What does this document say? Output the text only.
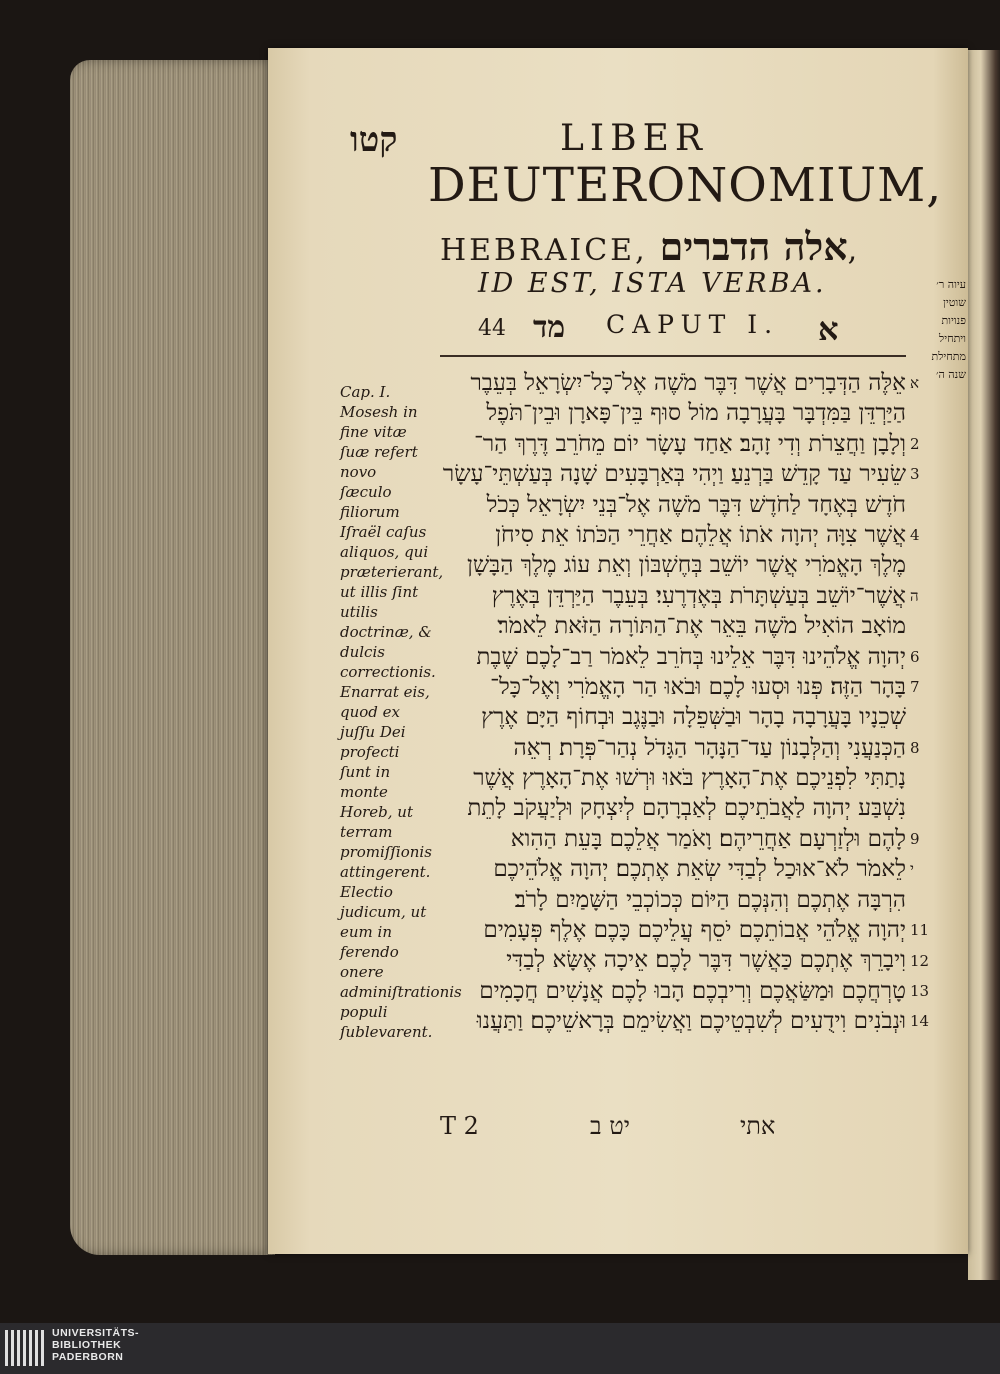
קטו	LIBER
DEUTERONOMIUM,
HEBRAICE, אלה הדברים,
ID EST, ISTA VERBA.
44 מד CAPUT I. א
עיוה ר׳
שוטין
פנויות
ויתחיל
מתחילת
שנה ה׳
Cap. I. Mosesh in fine vitæ ſuæ refert novo ſæculo filiorum Iſraël caſus aliquos, qui præterierant, ut illis ſint utilis doctrinæ, & dulcis correctionis.
Enarrat eis, quod ex juſſu Dei profecti ſunt in monte Horeb, ut terram promiſſionis attingerent.
Electio judicum, ut eum in ferendo onere adminiſtrationis populi ſublevarent.
אֵלֶּה הַדְּבָרִים אֲשֶׁר דִּבֶּר מֹשֶׁה אֶל־כָּל־יִשְׂרָאֵל בְּעֵבֶר
הַיַּרְדֵּן בַּמִּדְבָּר בָּעֲרָבָה מוֹל סוּף בֵּין־פָּארָן וּבֵין־תֹּפֶל
וְלָבָן וַחֲצֵרֹת וְדִי זָהָב׃ אַחַד עָשָׂר יוֹם מֵחֹרֵב דֶּרֶךְ הַר־
שֵׂעִיר עַד קָדֵשׁ בַּרְנֵעַ׃ וַיְהִי בְּאַרְבָּעִים שָׁנָה בְּעַשְׁתֵּי־עָשָׂר
חֹדֶשׁ בְּאֶחָד לַחֹדֶשׁ דִּבֶּר מֹשֶׁה אֶל־בְּנֵי יִשְׂרָאֵל כְּכֹל
אֲשֶׁר צִוָּה יְהוָה אֹתוֹ אֲלֵהֶם׃ אַחֲרֵי הַכֹּתוֹ אֵת סִיחֹן
מֶלֶךְ הָאֱמֹרִי אֲשֶׁר יוֹשֵׁב בְּחֶשְׁבּוֹן וְאֵת עוֹג מֶלֶךְ הַבָּשָׁן
אֲשֶׁר־יוֹשֵׁב בְּעַשְׁתָּרֹת בְּאֶדְרֶעִי׃ בְּעֵבֶר הַיַּרְדֵּן בְּאֶרֶץ
מוֹאָב הוֹאִיל מֹשֶׁה בֵּאֵר אֶת־הַתּוֹרָה הַזֹּאת לֵאמֹר׃
יְהוָה אֱלֹהֵינוּ דִּבֶּר אֵלֵינוּ בְּחֹרֵב לֵאמֹר רַב־לָכֶם שֶׁבֶת
בָּהָר הַזֶּה׃ פְּנוּ וּסְעוּ לָכֶם וּבֹאוּ הַר הָאֱמֹרִי וְאֶל־כָּל־
שְׁכֵנָיו בָּעֲרָבָה בָהָר וּבַשְּׁפֵלָה וּבַנֶּגֶב וּבְחוֹף הַיָּם אֶרֶץ
הַכְּנַעֲנִי וְהַלְּבָנוֹן עַד־הַנָּהָר הַגָּדֹל נְהַר־פְּרָת׃ רְאֵה
נָתַתִּי לִפְנֵיכֶם אֶת־הָאָרֶץ בֹּאוּ וּרְשׁוּ אֶת־הָאָרֶץ אֲשֶׁר
נִשְׁבַּע יְהוָה לַאֲבֹתֵיכֶם לְאַבְרָהָם לְיִצְחָק וּלְיַעֲקֹב לָתֵת
לָהֶם וּלְזַרְעָם אַחֲרֵיהֶם׃ וָאֹמַר אֲלֵכֶם בָּעֵת הַהִוא
לֵאמֹר לֹא־אוּכַל לְבַדִּי שְׂאֵת אֶתְכֶם׃ יְהוָה אֱלֹהֵיכֶם
הִרְבָּה אֶתְכֶם וְהִנְּכֶם הַיּוֹם כְּכוֹכְבֵי הַשָּׁמַיִם לָרֹב׃
יְהוָה אֱלֹהֵי אֲבוֹתֵכֶם יֹסֵף עֲלֵיכֶם כָּכֶם אֶלֶף פְּעָמִים
וִיבָרֵךְ אֶתְכֶם כַּאֲשֶׁר דִּבֶּר לָכֶם׃ אֵיכָה אֶשָּׂא לְבַדִּי
טָרְחֲכֶם וּמַשַּׂאֲכֶם וְרִיבְכֶם׃ הָבוּ לָכֶם אֲנָשִׁים חֲכָמִים
וּנְבֹנִים וִידֻעִים לְשִׁבְטֵיכֶם וַאֲשִׂימֵם בְּרָאשֵׁיכֶם׃ וַתַּעֲנוּ
א
2
3
4
ה
6
7
8
9
י
11
12
13
14
T 2	יט ב	אתי
UNIVERSITÄTS-
BIBLIOTHEK
PADERBORN
